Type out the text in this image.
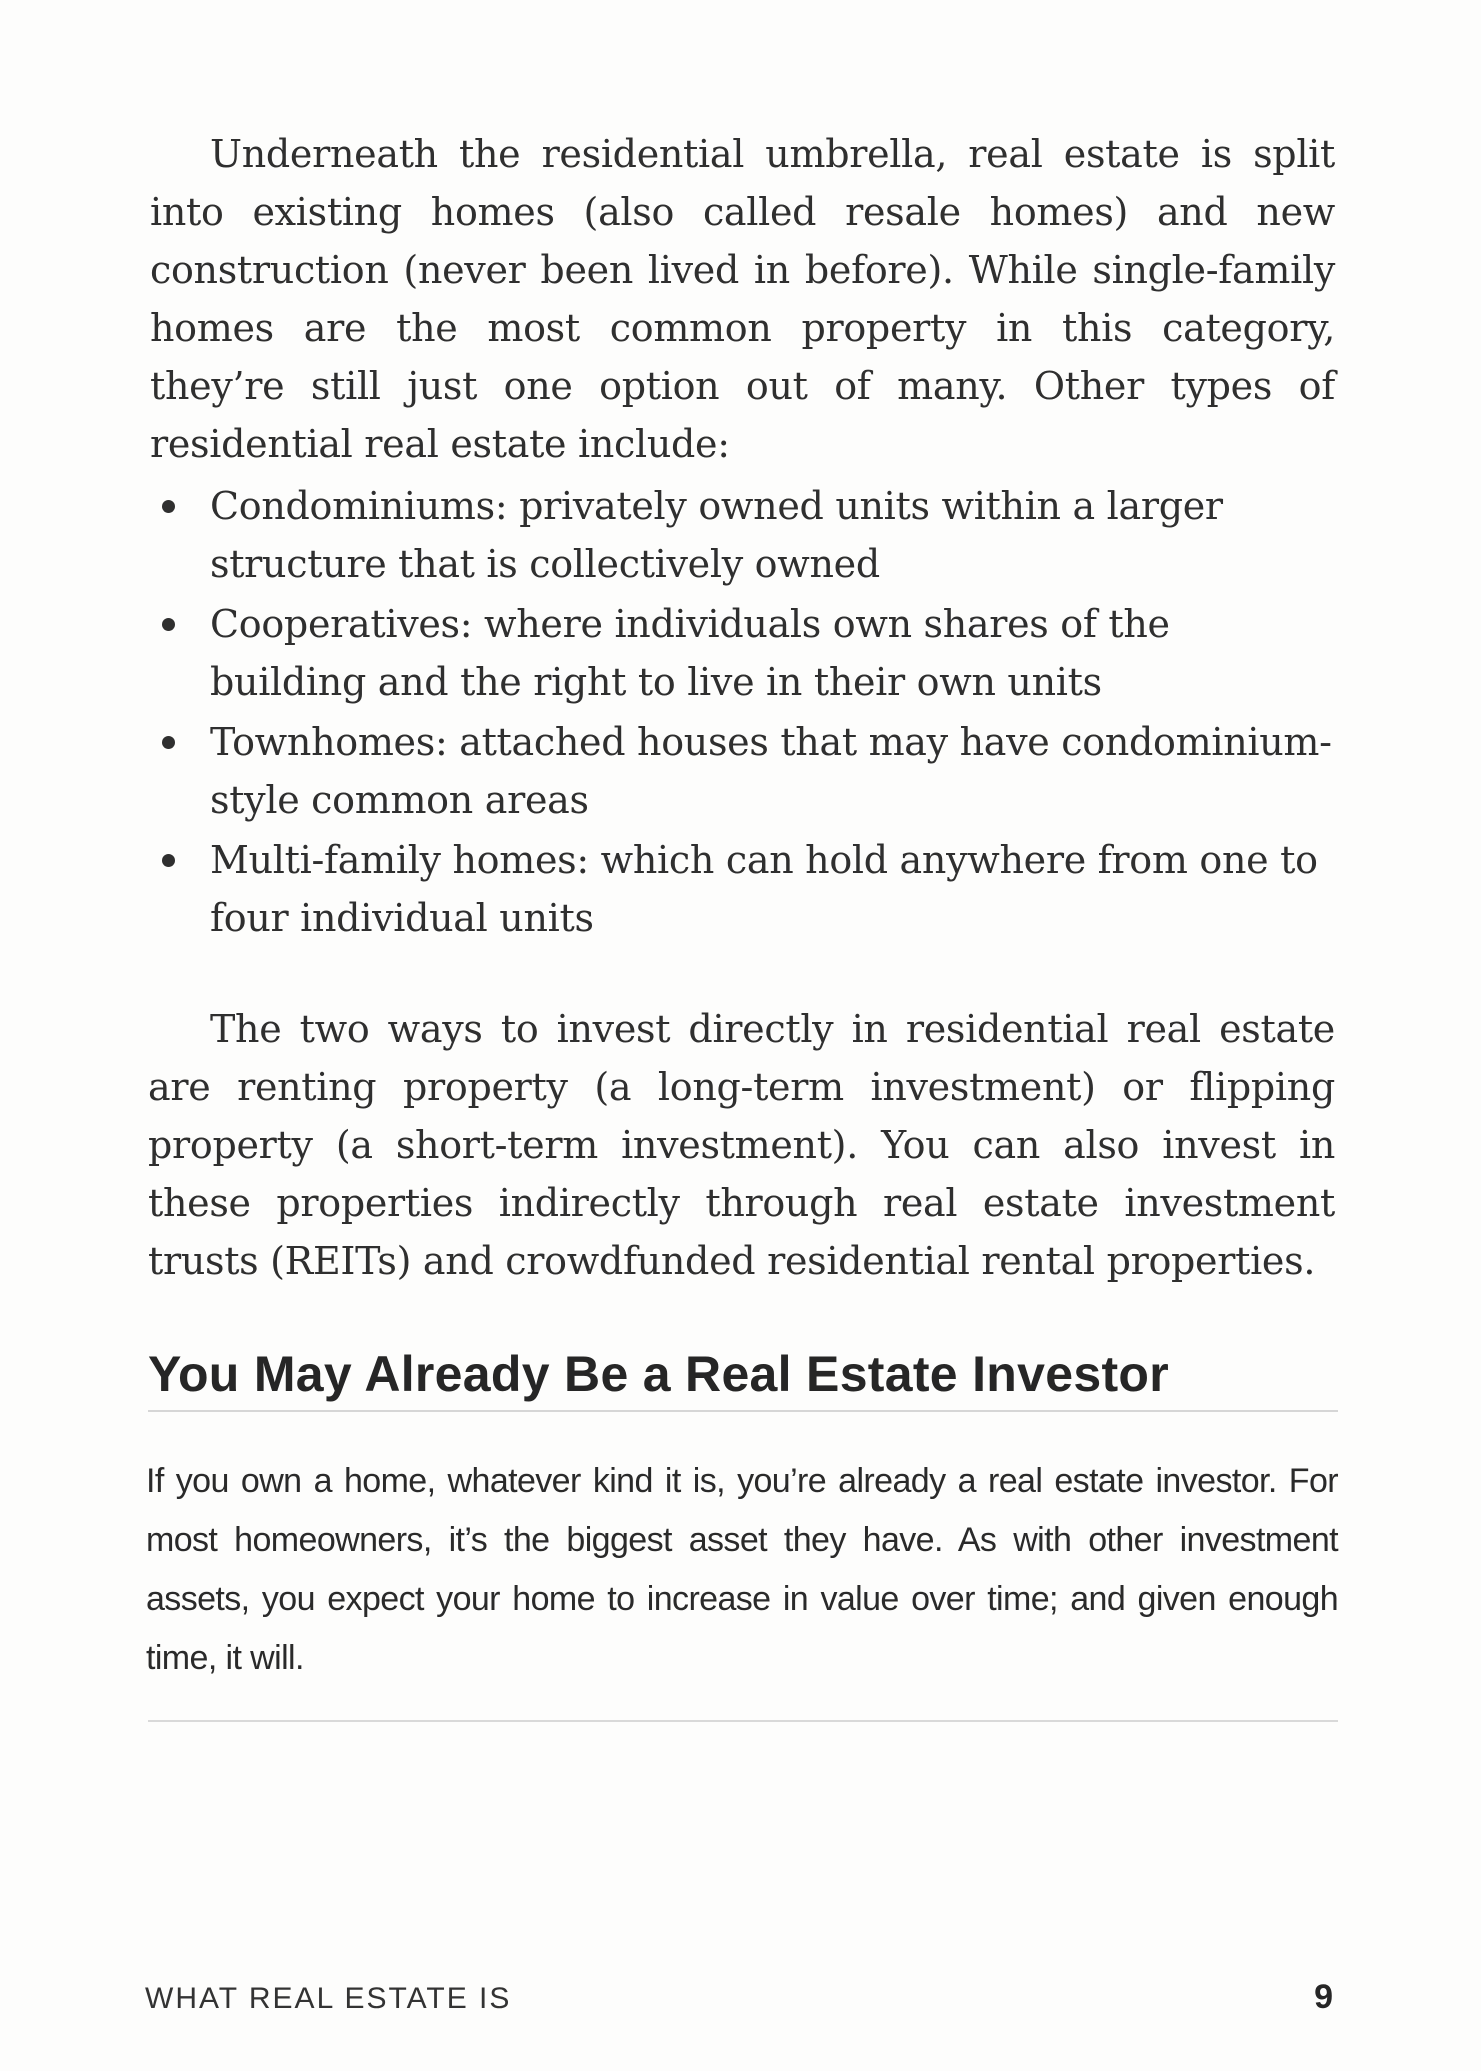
Underneath the residential umbrella, real estate is split into existing homes (also called resale homes) and new construction (never been lived in before). While single-family homes are the most common property in this category, they’re still just one option out of many. Other types of residential real estate include:

Condominiums: privately owned units within a larger structure that is collectively owned
Cooperatives: where individuals own shares of the building and the right to live in their own units
Townhomes: attached houses that may have condominium-style common areas
Multi-family homes: which can hold anywhere from one to four individual units

The two ways to invest directly in residential real estate are renting property (a long-term investment) or flipping property (a short-term investment). You can also invest in these properties indirectly through real estate investment trusts (REITs) and crowdfunded residential rental properties.

You May Already Be a Real Estate Investor

If you own a home, whatever kind it is, you’re already a real estate investor. For most homeowners, it’s the biggest asset they have. As with other investment assets, you expect your home to increase in value over time; and given enough time, it will.

WHAT REAL ESTATE IS	9
